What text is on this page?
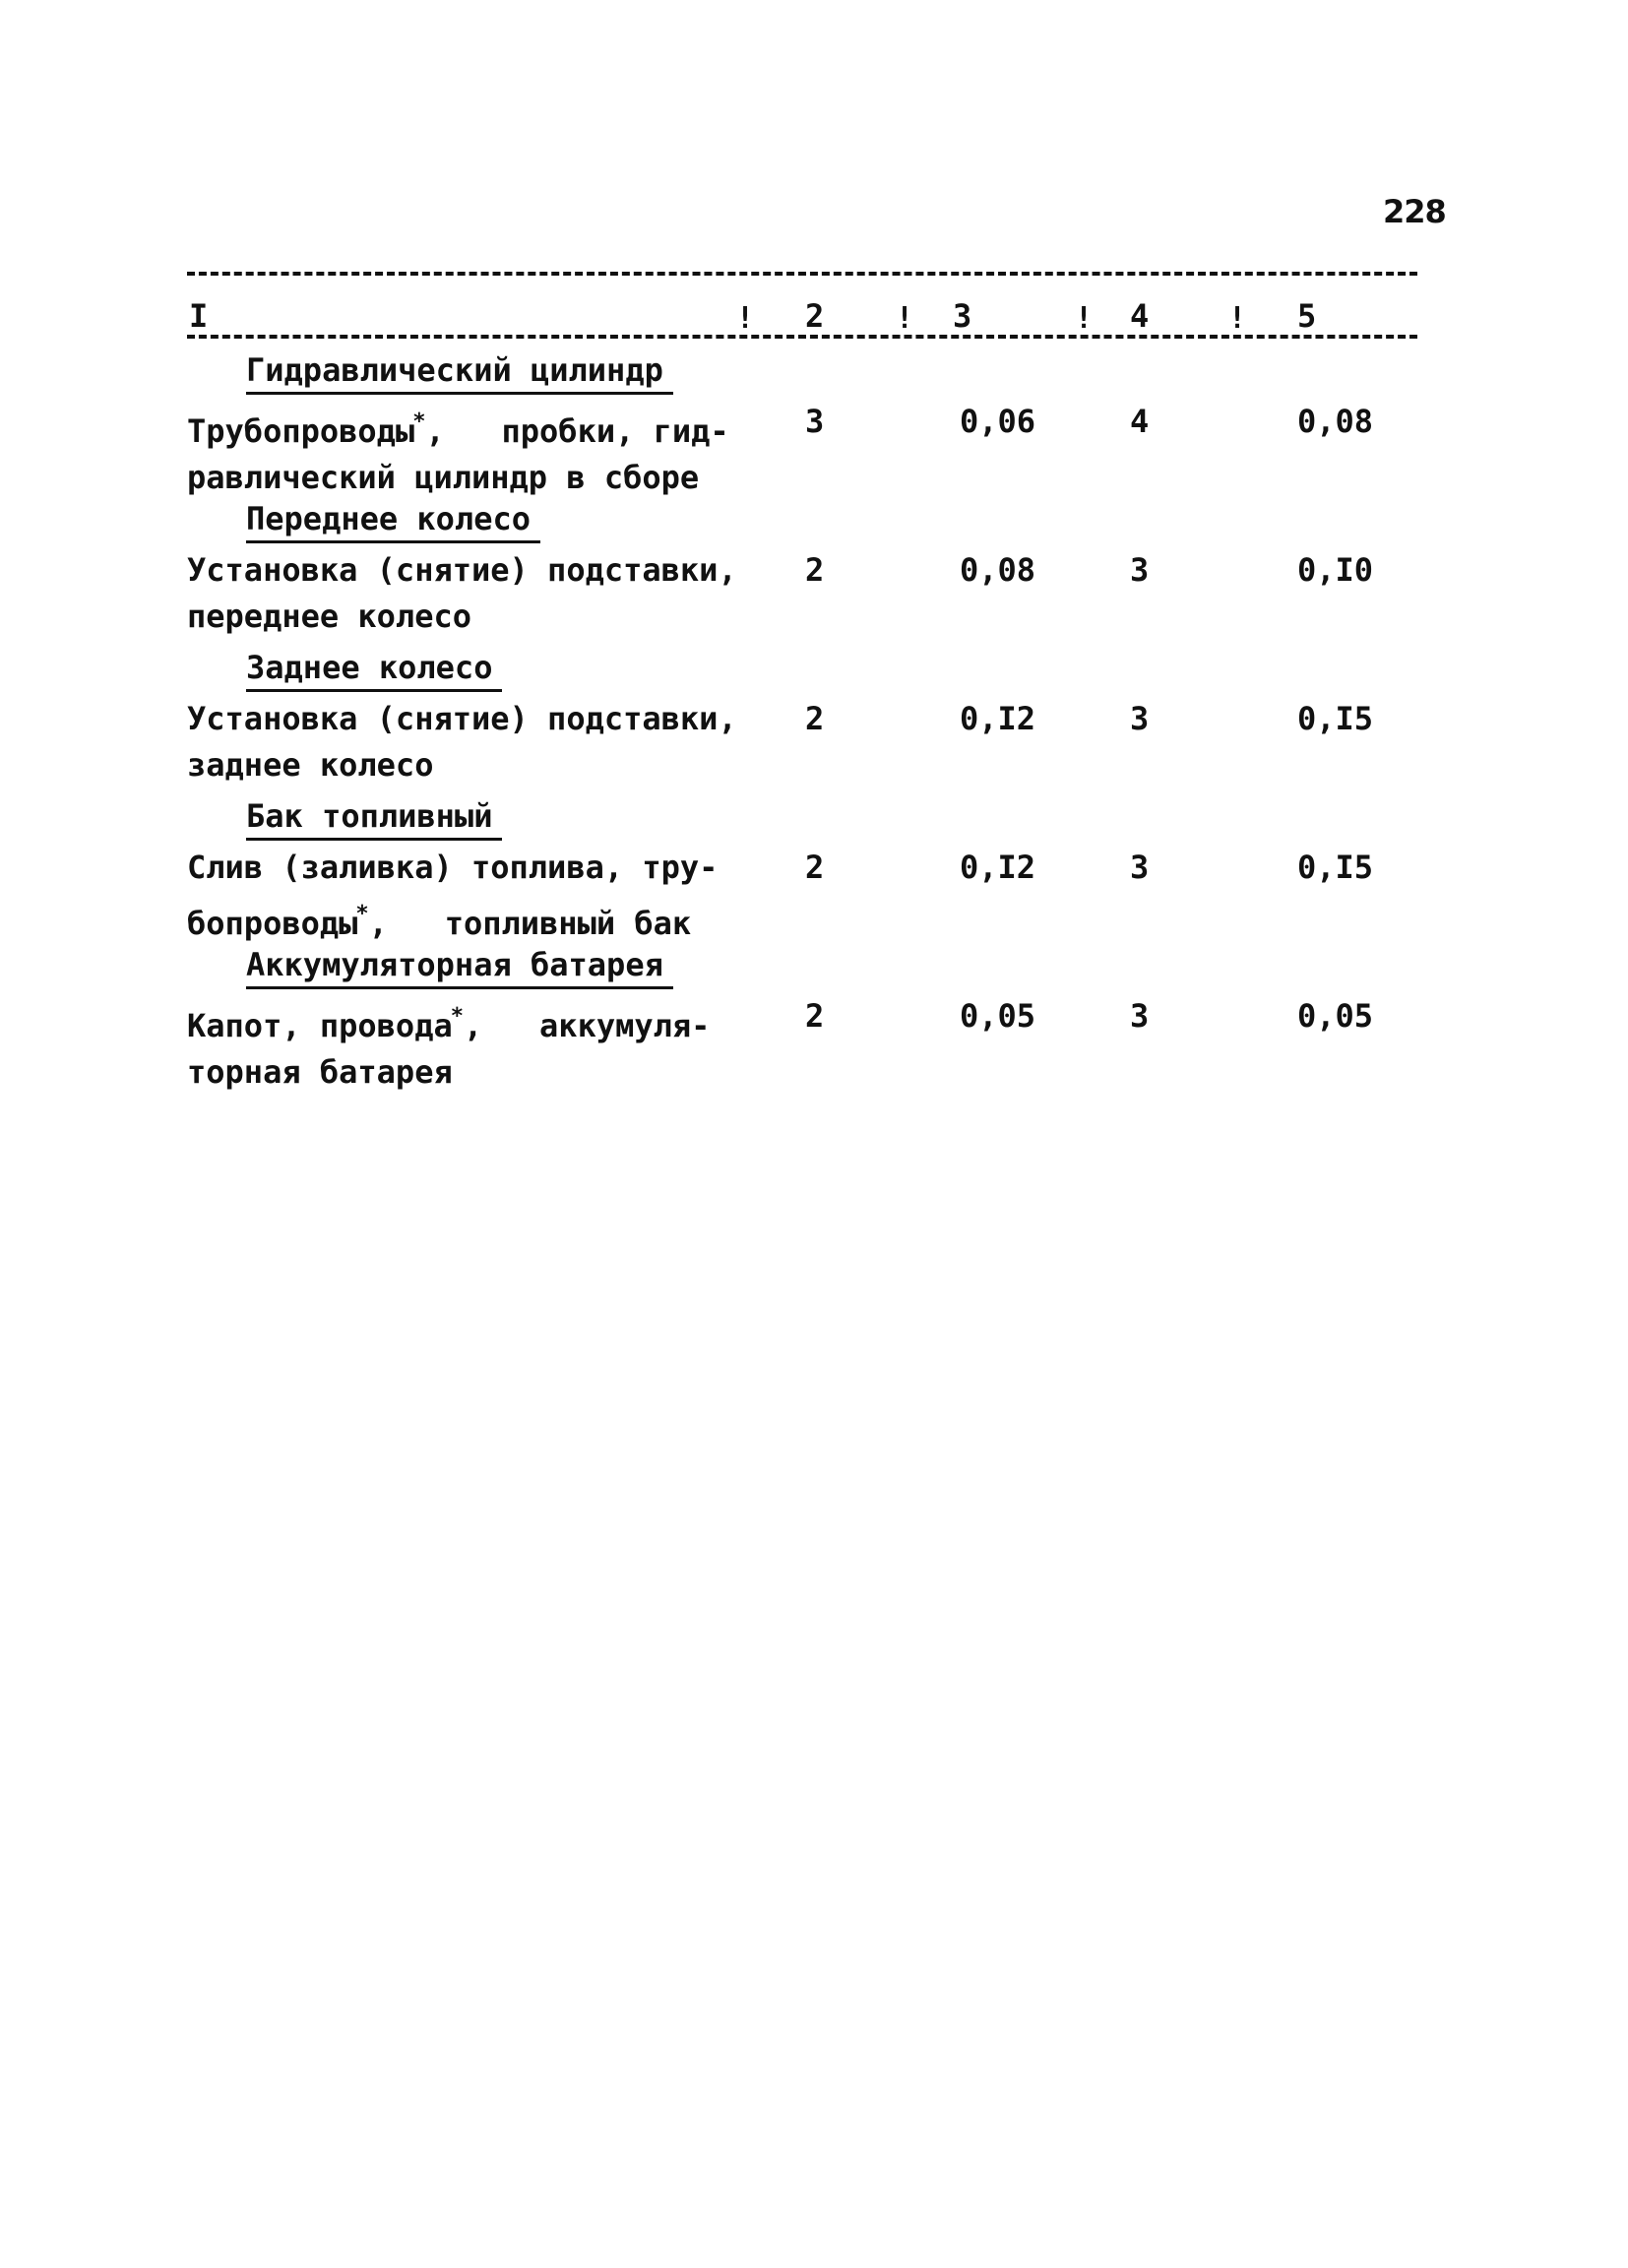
228
I	! 2 ! 3	! 4	! 5
Гидравлический цилиндр
Трубопроводы*,   пробки, гид-
равлический цилиндр в сборе
3	0,06	4	0,08
Переднее колесо
Установка (снятие) подставки,
переднее колесо
2	0,08	3	0,I0
Заднее колесо
Установка (снятие) подставки,
заднее колесо
2	0,I2	3	0,I5
Бак топливный
Слив (заливка) топлива, тру-
бопроводы*,   топливный бак
2	0,I2	3	0,I5
Аккумуляторная батарея
Капот, провода*,   аккумуля-
торная батарея
2	0,05	3	0,05
